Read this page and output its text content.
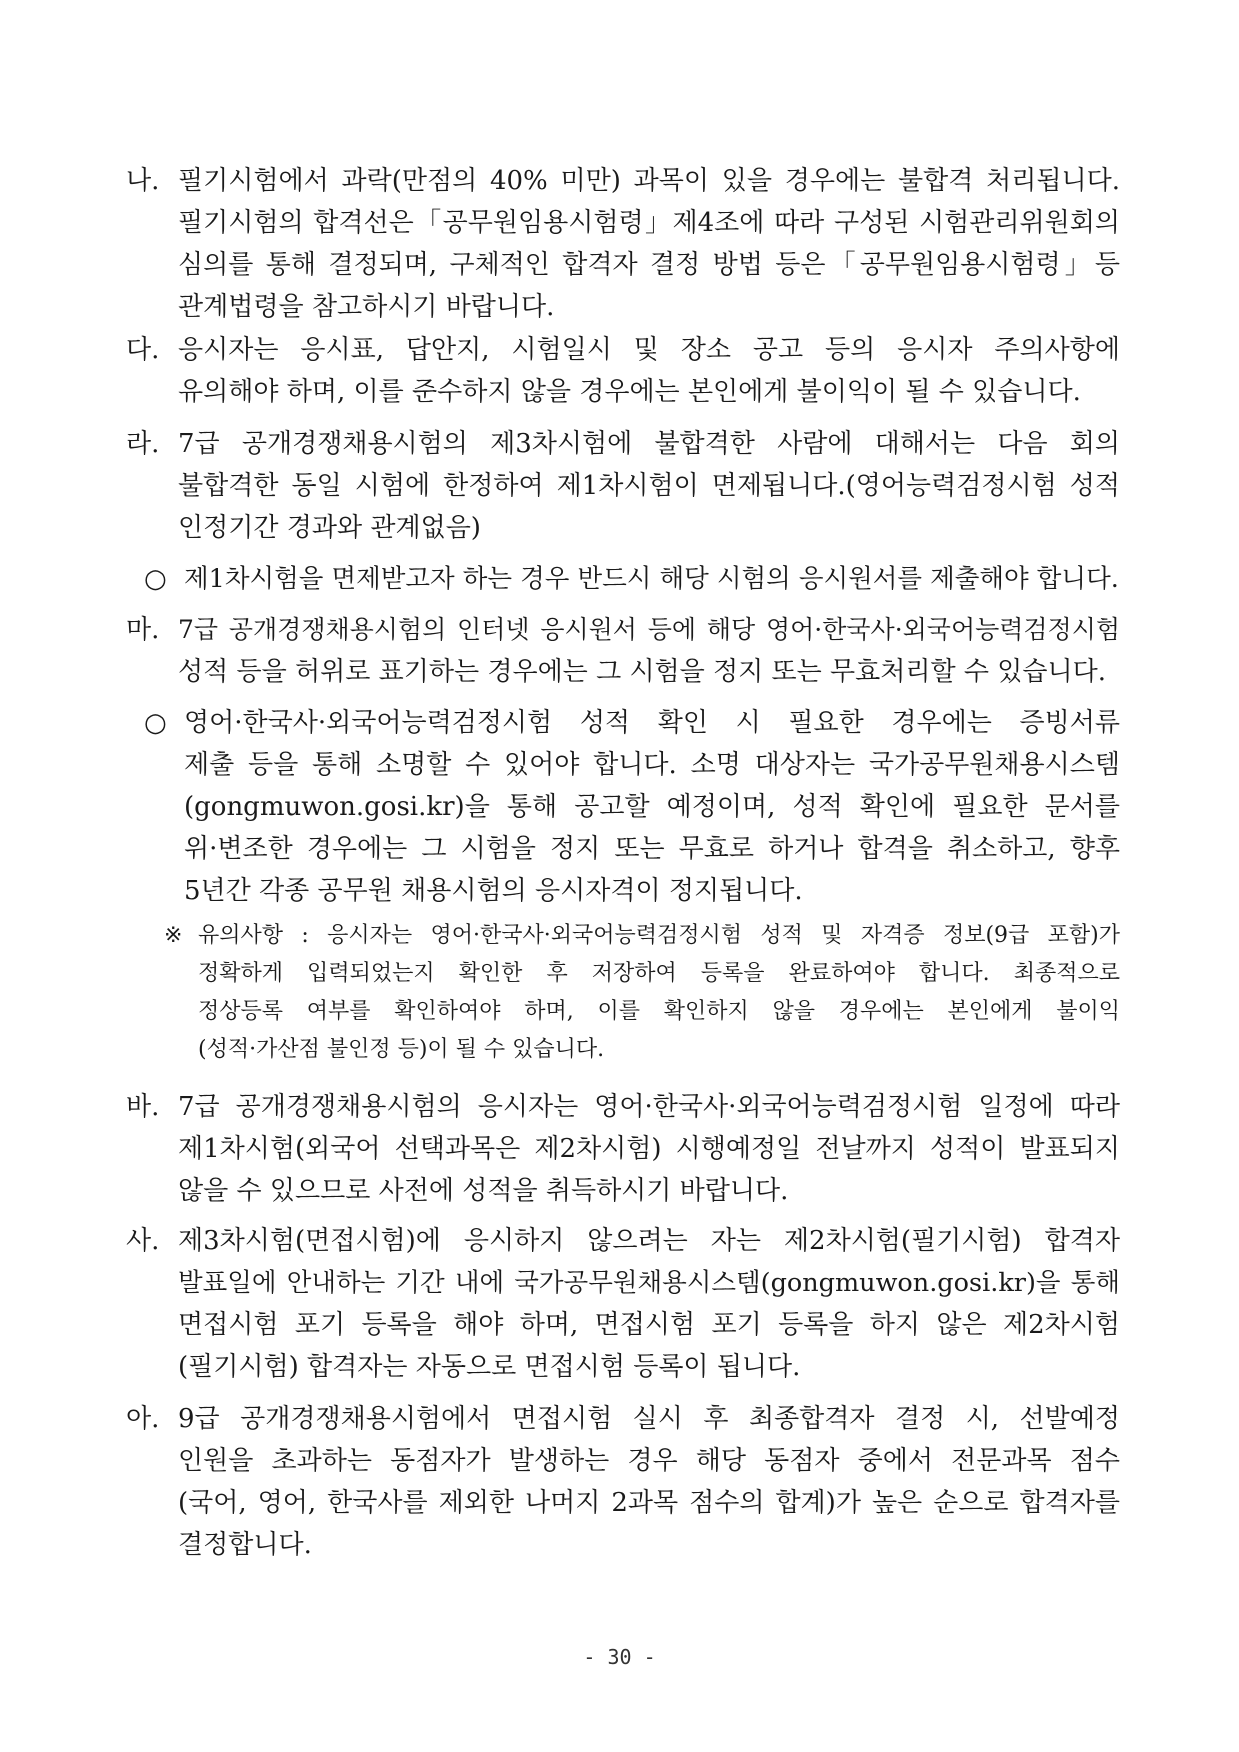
나. 필기시험에서 과락(만점의 40% 미만) 과목이 있을 경우에는 불합격 처리됩니다.
필기시험의 합격선은「공무원임용시험령」제4조에 따라 구성된 시험관리위원회의
심의를 통해 결정되며, 구체적인 합격자 결정 방법 등은「공무원임용시험령」등
관계법령을 참고하시기 바랍니다.
다. 응시자는 응시표, 답안지, 시험일시 및 장소 공고 등의 응시자 주의사항에
유의해야 하며, 이를 준수하지 않을 경우에는 본인에게 불이익이 될 수 있습니다.
라. 7급 공개경쟁채용시험의 제3차시험에 불합격한 사람에 대해서는 다음 회의
불합격한 동일 시험에 한정하여 제1차시험이 면제됩니다.(영어능력검정시험 성적
인정기간 경과와 관계없음)
○ 제1차시험을 면제받고자 하는 경우 반드시 해당 시험의 응시원서를 제출해야 합니다.
마. 7급 공개경쟁채용시험의 인터넷 응시원서 등에 해당 영어·한국사·외국어능력검정시험
성적 등을 허위로 표기하는 경우에는 그 시험을 정지 또는 무효처리할 수 있습니다.
○ 영어·한국사·외국어능력검정시험 성적 확인 시 필요한 경우에는 증빙서류
제출 등을 통해 소명할 수 있어야 합니다. 소명 대상자는 국가공무원채용시스템
(gongmuwon.gosi.kr)을 통해 공고할 예정이며, 성적 확인에 필요한 문서를
위·변조한 경우에는 그 시험을 정지 또는 무효로 하거나 합격을 취소하고, 향후
5년간 각종 공무원 채용시험의 응시자격이 정지됩니다.
※ 유의사항 : 응시자는 영어·한국사·외국어능력검정시험 성적 및 자격증 정보(9급 포함)가
정확하게 입력되었는지 확인한 후 저장하여 등록을 완료하여야 합니다. 최종적으로
정상등록 여부를 확인하여야 하며, 이를 확인하지 않을 경우에는 본인에게 불이익
(성적·가산점 불인정 등)이 될 수 있습니다.
바. 7급 공개경쟁채용시험의 응시자는 영어·한국사·외국어능력검정시험 일정에 따라
제1차시험(외국어 선택과목은 제2차시험) 시행예정일 전날까지 성적이 발표되지
않을 수 있으므로 사전에 성적을 취득하시기 바랍니다.
사. 제3차시험(면접시험)에 응시하지 않으려는 자는 제2차시험(필기시험) 합격자
발표일에 안내하는 기간 내에 국가공무원채용시스템(gongmuwon.gosi.kr)을 통해
면접시험 포기 등록을 해야 하며, 면접시험 포기 등록을 하지 않은 제2차시험
(필기시험) 합격자는 자동으로 면접시험 등록이 됩니다.
아. 9급 공개경쟁채용시험에서 면접시험 실시 후 최종합격자 결정 시, 선발예정
인원을 초과하는 동점자가 발생하는 경우 해당 동점자 중에서 전문과목 점수
(국어, 영어, 한국사를 제외한 나머지 2과목 점수의 합계)가 높은 순으로 합격자를
결정합니다.
- 30 -
